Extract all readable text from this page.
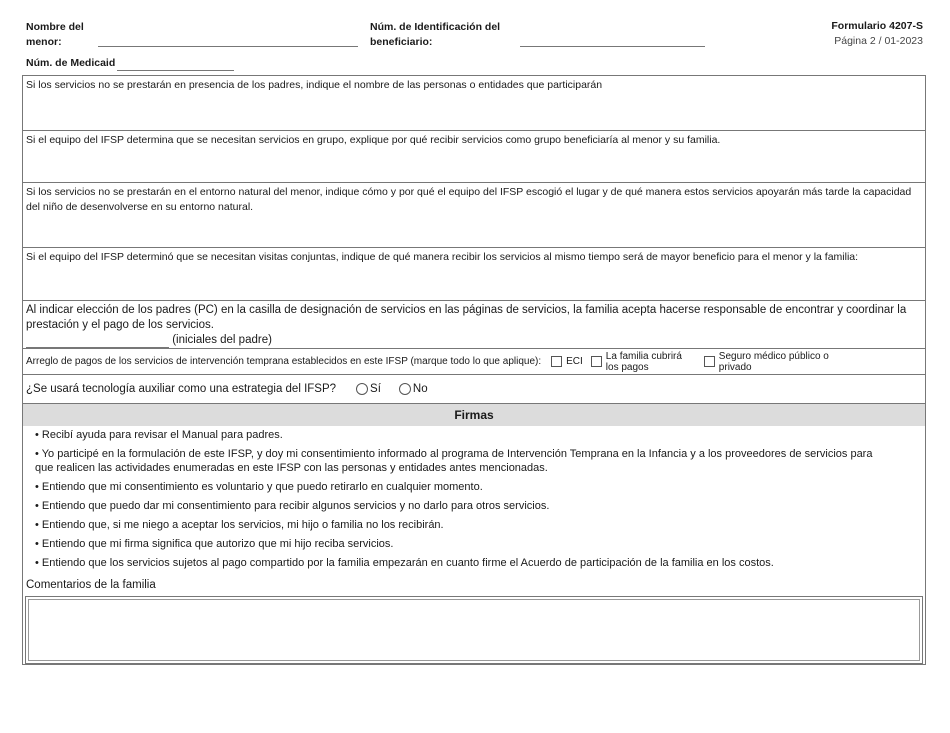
Nombre del
menor:
Núm. de Identificación del
beneficiario:
Formulario 4207-S
Página 2 / 01-2023
Núm. de Medicaid
Si los servicios no se prestarán en presencia de los padres, indique el nombre de las personas o entidades que participarán
Si el equipo del IFSP determina que se necesitan servicios en grupo, explique por qué recibir servicios como grupo beneficiaría al menor y su familia.
Si los servicios no se prestarán en el entorno natural del menor, indique cómo y por qué el equipo del IFSP escogió el lugar y de qué manera estos servicios apoyarán más tarde la capacidad del niño de desenvolverse en su entorno natural.
Si el equipo del IFSP determinó que se necesitan visitas conjuntas, indique de qué manera recibir los servicios al mismo tiempo será de mayor beneficio para el menor y la familia:
Al indicar elección de los padres (PC) en la casilla de designación de servicios en las páginas de servicios, la familia acepta hacerse responsable de encontrar y coordinar la prestación y el pago de los servicios.
(iniciales del padre)
Arreglo de pagos de los servicios de intervención temprana establecidos en este IFSP (marque todo lo que aplique):	ECI La familia cubrirá los pagos
Seguro médico público o privado
¿Se usará tecnología auxiliar como una estrategia del IFSP?	Sí	No
Firmas
• Recibí ayuda para revisar el Manual para padres.
• Yo participé en la formulación de este IFSP, y doy mi consentimiento informado al programa de Intervención Temprana en la Infancia y a los proveedores de servicios para que realicen las actividades enumeradas en este IFSP con las personas y entidades antes mencionadas.
• Entiendo que mi consentimiento es voluntario y que puedo retirarlo en cualquier momento.
• Entiendo que puedo dar mi consentimiento para recibir algunos servicios y no darlo para otros servicios.
• Entiendo que, si me niego a aceptar los servicios, mi hijo o familia no los recibirán.
• Entiendo que mi firma significa que autorizo que mi hijo reciba servicios.
• Entiendo que los servicios sujetos al pago compartido por la familia empezarán en cuanto firme el Acuerdo de participación de la familia en los costos.
Comentarios de la familia
